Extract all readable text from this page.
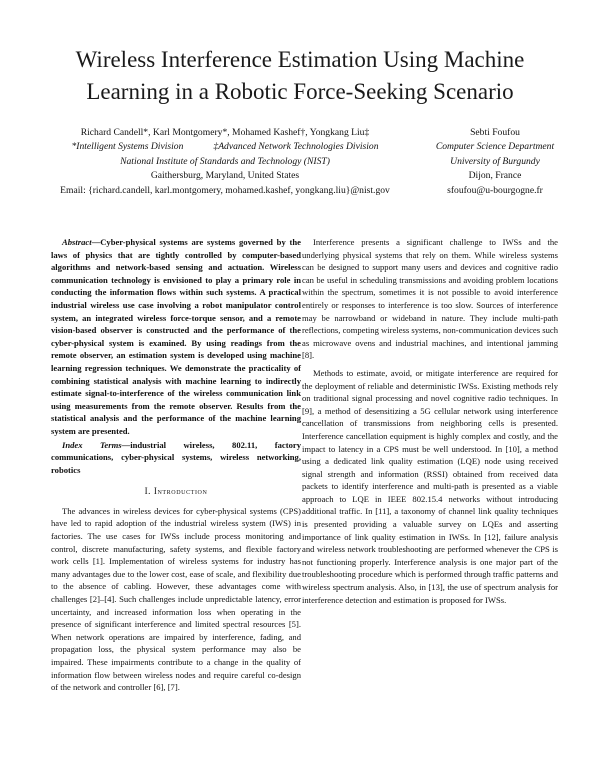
Wireless Interference Estimation Using Machine
Learning in a Robotic Force-Seeking Scenario
Richard Candell*, Karl Montgomery*, Mohamed Kashef†, Yongkang Liu‡
*Intelligent Systems Division	‡Advanced Network Technologies Division
National Institute of Standards and Technology (NIST)
Gaithersburg, Maryland, United States
Email: {richard.candell, karl.montgomery, mohamed.kashef, yongkang.liu}@nist.gov
Sebti Foufou
Computer Science Department
University of Burgundy
Dijon, France
sfoufou@u-bourgogne.fr

Abstract—Cyber-physical systems are systems governed by the laws of physics that are tightly controlled by computer-based algorithms and network-based sensing and actuation. Wireless communication technology is envisioned to play a primary role in conducting the information flows within such systems. A practical industrial wireless use case involving a robot manipulator control system, an integrated wireless force-torque sensor, and a remote vision-based observer is constructed and the performance of the cyber-physical system is examined. By using readings from the remote observer, an estimation system is developed using machine learning regression techniques. We demonstrate the practicality of combining statistical analysis with machine learning to indirectly estimate signal-to-interference of the wireless communication link using measurements from the remote observer. Results from the statistical analysis and the performance of the machine learning system are presented.

Index Terms—industrial wireless, 802.11, factory communications, cyber-physical systems, wireless networking, robotics

I. Introduction

The advances in wireless devices for cyber-physical systems (CPS) have led to rapid adoption of the industrial wireless system (IWS) in factories. The use cases for IWSs include process monitoring and control, discrete manufacturing, safety systems, and flexible factory work cells [1]. Implementation of wireless systems for industry has many advantages due to the lower cost, ease of scale, and flexibility due to the absence of cabling. However, these advantages come with challenges [2]–[4]. Such challenges include unpredictable latency, error uncertainty, and increased information loss when operating in the presence of significant interference and limited spectral resources [5]. When network operations are impaired by interference, fading, and propagation loss, the physical system performance may also be impaired. These impairments contribute to a change in the quality of information flow between wireless nodes and require careful co-design of the network and controller [6], [7].

Interference presents a significant challenge to IWSs and the underlying physical systems that rely on them. While wireless systems can be designed to support many users and devices and cognitive radio can be useful in scheduling transmissions and avoiding problem locations within the spectrum, sometimes it is not possible to avoid interference entirely or responses to interference is too slow. Sources of interference may be narrowband or wideband in nature. They include multi-path reflections, competing wireless systems, non-communication devices such as microwave ovens and industrial machines, and intentional jamming [8].

Methods to estimate, avoid, or mitigate interference are required for the deployment of reliable and deterministic IWSs. Existing methods rely on traditional signal processing and novel cognitive radio techniques. In [9], a method of desensitizing a 5G cellular network using interference cancellation of transmissions from neighboring cells is presented. Interference cancellation equipment is highly complex and costly, and the impact to latency in a CPS must be well understood. In [10], a method using a dedicated link quality estimation (LQE) node using received signal strength and information (RSSI) obtained from received data packets to identify interference and multi-path is presented as a viable approach to LQE in IEEE 802.15.4 networks without introducing additional traffic. In [11], a taxonomy of channel link quality techniques is presented providing a valuable survey on LQEs and asserting importance of link quality estimation in IWSs. In [12], failure analysis and wireless network troubleshooting are performed whenever the CPS is not functioning properly. Interference analysis is one major part of the troubleshooting procedure which is performed through traffic patterns and wireless spectrum analysis. Also, in [13], the use of spectrum analysis for interference detection and estimation is proposed for IWSs.
